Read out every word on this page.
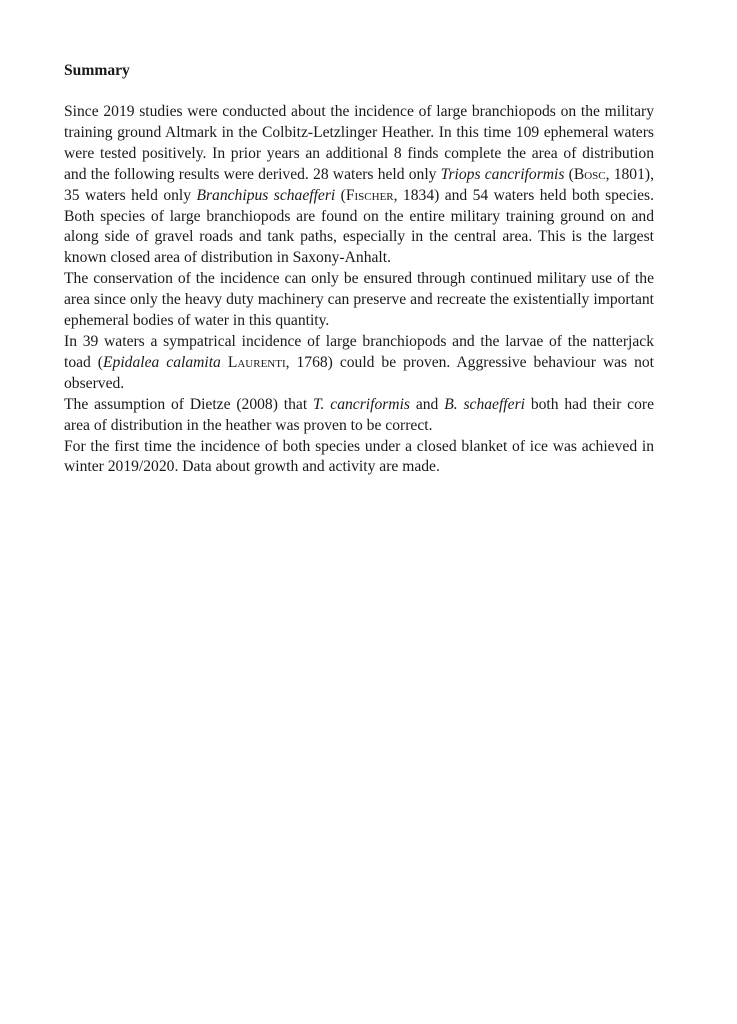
Summary

Since 2019 studies were conducted about the incidence of large branchiopods on the military training ground Altmark in the Colbitz-Letzlinger Heather. In this time 109 ephemeral waters were tested positively. In prior years an additional 8 finds complete the area of distribution and the following results were derived. 28 waters held only Triops cancriformis (Bosc, 1801), 35 waters held only Branchipus schaefferi (Fischer, 1834) and 54 waters held both species. Both species of large branchiopods are found on the entire military training ground on and along side of gravel roads and tank paths, especially in the central area. This is the largest known closed area of distribution in Saxony-Anhalt.

The conservation of the incidence can only be ensured through continued military use of the area since only the heavy duty machinery can preserve and recreate the existentially important ephemeral bodies of water in this quantity.

In 39 waters a sympatrical incidence of large branchiopods and the larvae of the natterjack toad (Epidalea calamita Laurenti, 1768) could be proven. Aggressive behaviour was not observed.

The assumption of Dietze (2008) that T. cancriformis and B. schaefferi both had their core area of distribution in the heather was proven to be correct.

For the first time the incidence of both species under a closed blanket of ice was achieved in winter 2019/2020. Data about growth and activity are made.
